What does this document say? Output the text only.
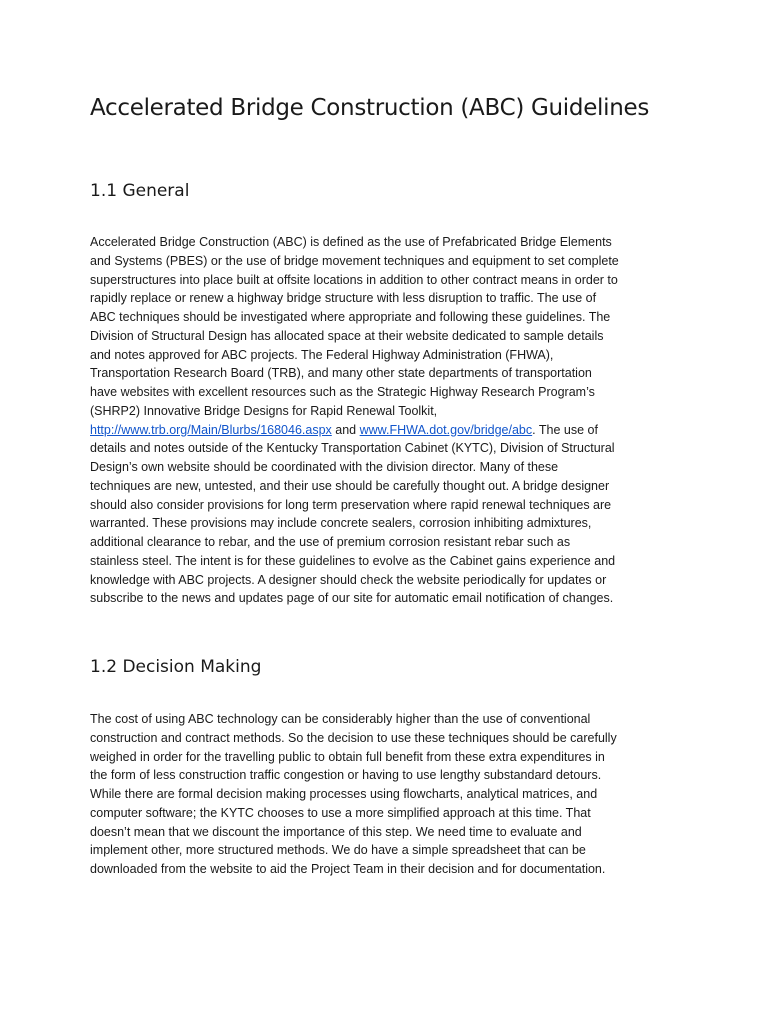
Accelerated Bridge Construction (ABC) Guidelines
1.1 General

Accelerated Bridge Construction (ABC) is defined as the use of Prefabricated Bridge Elements
and Systems (PBES) or the use of bridge movement techniques and equipment to set complete
superstructures into place built at offsite locations in addition to other contract means in order to
rapidly replace or renew a highway bridge structure with less disruption to traffic. The use of
ABC techniques should be investigated where appropriate and following these guidelines. The
Division of Structural Design has allocated space at their website dedicated to sample details
and notes approved for ABC projects. The Federal Highway Administration (FHWA),
Transportation Research Board (TRB), and many other state departments of transportation
have websites with excellent resources such as the Strategic Highway Research Program’s
(SHRP2) Innovative Bridge Designs for Rapid Renewal Toolkit,
http://www.trb.org/Main/Blurbs/168046.aspx and www.FHWA.dot.gov/bridge/abc. The use of
details and notes outside of the Kentucky Transportation Cabinet (KYTC), Division of Structural
Design’s own website should be coordinated with the division director. Many of these
techniques are new, untested, and their use should be carefully thought out. A bridge designer
should also consider provisions for long term preservation where rapid renewal techniques are
warranted. These provisions may include concrete sealers, corrosion inhibiting admixtures,
additional clearance to rebar, and the use of premium corrosion resistant rebar such as
stainless steel. The intent is for these guidelines to evolve as the Cabinet gains experience and
knowledge with ABC projects. A designer should check the website periodically for updates or
subscribe to the news and updates page of our site for automatic email notification of changes.

1.2 Decision Making

The cost of using ABC technology can be considerably higher than the use of conventional
construction and contract methods. So the decision to use these techniques should be carefully
weighed in order for the travelling public to obtain full benefit from these extra expenditures in
the form of less construction traffic congestion or having to use lengthy substandard detours.
While there are formal decision making processes using flowcharts, analytical matrices, and
computer software; the KYTC chooses to use a more simplified approach at this time. That
doesn’t mean that we discount the importance of this step. We need time to evaluate and
implement other, more structured methods. We do have a simple spreadsheet that can be
downloaded from the website to aid the Project Team in their decision and for documentation.
